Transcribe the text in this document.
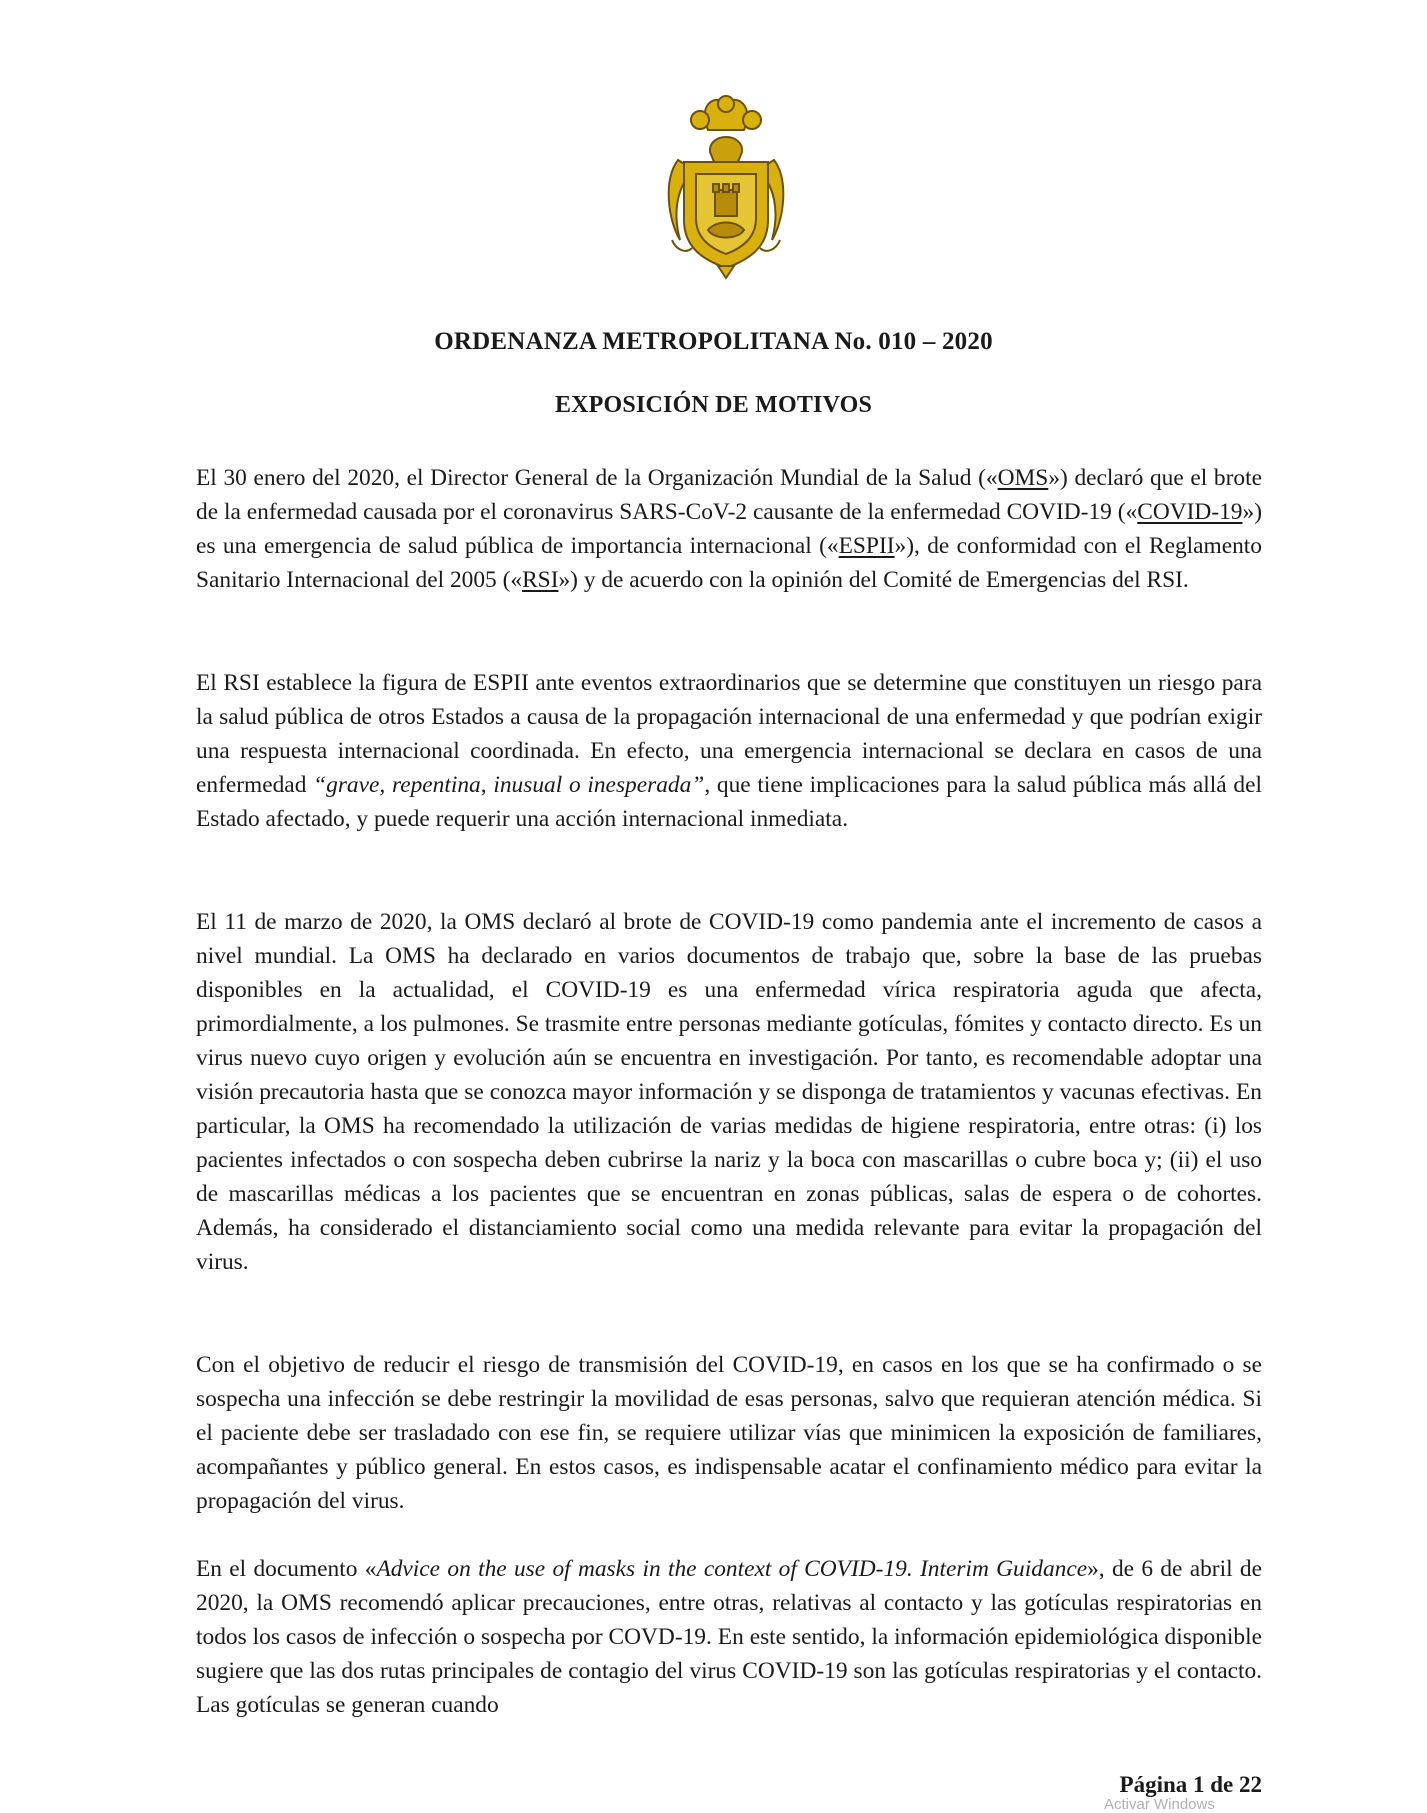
ORDENANZA METROPOLITANA No. 010 – 2020
EXPOSICIÓN DE MOTIVOS

El 30 enero del 2020, el Director General de la Organización Mundial de la Salud («OMS») declaró que el brote de la enfermedad causada por el coronavirus SARS-CoV-2 causante de la enfermedad COVID-19 («COVID-19») es una emergencia de salud pública de importancia internacional («ESPII»), de conformidad con el Reglamento Sanitario Internacional del 2005 («RSI») y de acuerdo con la opinión del Comité de Emergencias del RSI.

El RSI establece la figura de ESPII ante eventos extraordinarios que se determine que constituyen un riesgo para la salud pública de otros Estados a causa de la propagación internacional de una enfermedad y que podrían exigir una respuesta internacional coordinada. En efecto, una emergencia internacional se declara en casos de una enfermedad “grave, repentina, inusual o inesperada”, que tiene implicaciones para la salud pública más allá del Estado afectado, y puede requerir una acción internacional inmediata.

El 11 de marzo de 2020, la OMS declaró al brote de COVID-19 como pandemia ante el incremento de casos a nivel mundial. La OMS ha declarado en varios documentos de trabajo que, sobre la base de las pruebas disponibles en la actualidad, el COVID-19 es una enfermedad vírica respiratoria aguda que afecta, primordialmente, a los pulmones. Se trasmite entre personas mediante gotículas, fómites y contacto directo. Es un virus nuevo cuyo origen y evolución aún se encuentra en investigación. Por tanto, es recomendable adoptar una visión precautoria hasta que se conozca mayor información y se disponga de tratamientos y vacunas efectivas. En particular, la OMS ha recomendado la utilización de varias medidas de higiene respiratoria, entre otras: (i) los pacientes infectados o con sospecha deben cubrirse la nariz y la boca con mascarillas o cubre boca y; (ii) el uso de mascarillas médicas a los pacientes que se encuentran en zonas públicas, salas de espera o de cohortes. Además, ha considerado el distanciamiento social como una medida relevante para evitar la propagación del virus.

Con el objetivo de reducir el riesgo de transmisión del COVID-19, en casos en los que se ha confirmado o se sospecha una infección se debe restringir la movilidad de esas personas, salvo que requieran atención médica. Si el paciente debe ser trasladado con ese fin, se requiere utilizar vías que minimicen la exposición de familiares, acompañantes y público general. En estos casos, es indispensable acatar el confinamiento médico para evitar la propagación del virus.

En el documento «Advice on the use of masks in the context of COVID-19. Interim Guidance», de 6 de abril de 2020, la OMS recomendó aplicar precauciones, entre otras, relativas al contacto y las gotículas respiratorias en todos los casos de infección o sospecha por COVD-19. En este sentido, la información epidemiológica disponible sugiere que las dos rutas principales de contagio del virus COVID-19 son las gotículas respiratorias y el contacto. Las gotículas se generan cuando

Página 1 de 22
Activar Windows
